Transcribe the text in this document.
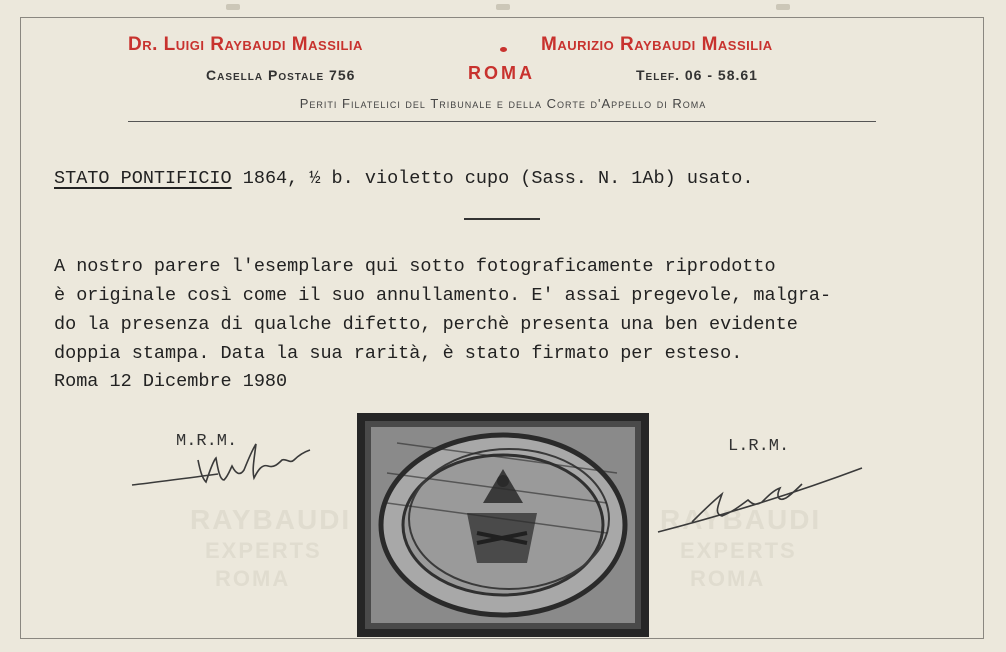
Dr. Luigi Raybaudi Massilia	Maurizio Raybaudi Massilia
ROMA
Casella Postale 756	Telef. 06 - 58.61
Periti Filatelici del Tribunale e della Corte d'Appello di Roma
STATO PONTIFICIO 1864, ½ b. violetto cupo (Sass. N. 1Ab) usato.
A nostro parere l'esemplare qui sotto fotograficamente riprodotto
è originale così come il suo annullamento. E' assai pregevole, malgra-
do la presenza di qualche difetto, perchè presenta una ben evidente
doppia stampa. Data la sua rarità, è stato firmato per esteso.
Roma 12 Dicembre 1980
RAYBAUDI
EXPERTS
ROMA
RAYBAUDI
EXPERTS
ROMA
M.R.M.	L.R.M.
